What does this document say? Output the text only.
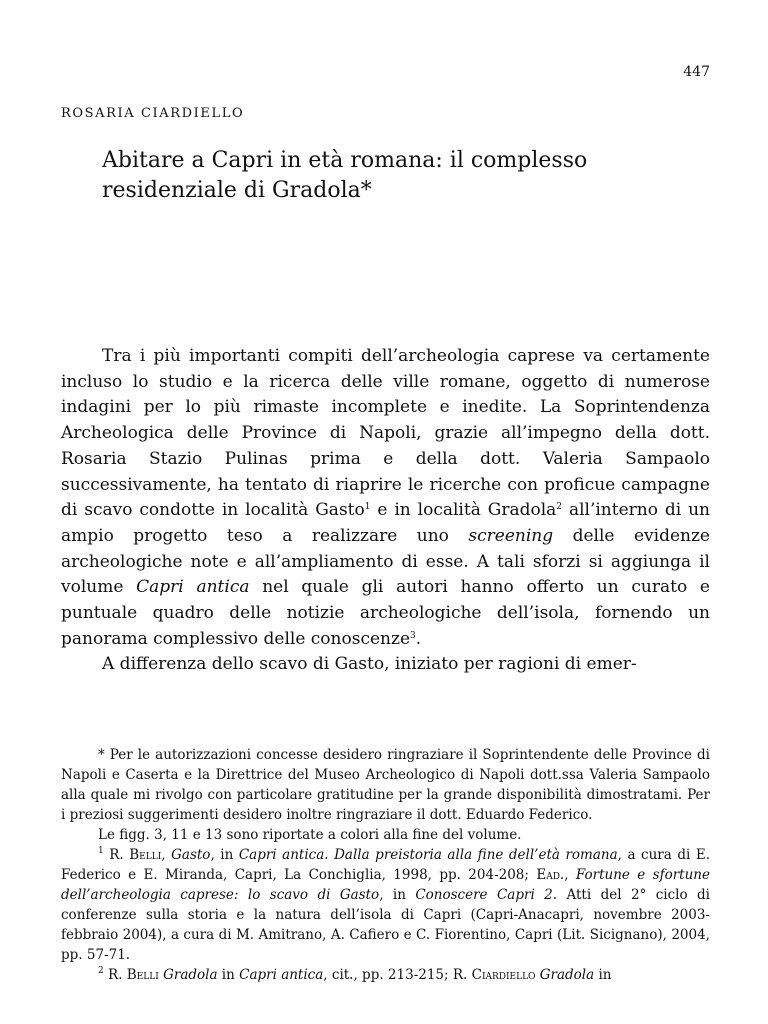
447
ROSARIA CIARDIELLO
Abitare a Capri in età romana: il complesso
residenziale di Gradola*

Tra i più importanti compiti dell’archeologia caprese va certamente incluso lo studio e la ricerca delle ville romane, oggetto di numerose indagini per lo più rimaste incomplete e inedite. La Soprintendenza Archeologica delle Province di Napoli, grazie all’impegno della dott. Rosaria Stazio Pulinas prima e della dott. Valeria Sampaolo successivamente, ha tentato di riaprire le ricerche con proficue campagne di scavo condotte in località Gasto$^1$ e in località Gradola$^2$ all’interno di un ampio progetto teso a realizzare uno screening delle evidenze archeologiche note e all’ampliamento di esse. A tali sforzi si aggiunga il volume Capri antica nel quale gli autori hanno offerto un curato e puntuale quadro delle notizie archeologiche dell’isola, fornendo un panorama complessivo delle conoscenze$^3$.

A differenza dello scavo di Gasto, iniziato per ragioni di emer-

* Per le autorizzazioni concesse desidero ringraziare il Soprintendente delle Province di Napoli e Caserta e la Direttrice del Museo Archeologico di Napoli dott.ssa Valeria Sampaolo alla quale mi rivolgo con particolare gratitudine per la grande disponibilità dimostratami. Per i preziosi suggerimenti desidero inoltre ringraziare il dott. Eduardo Federico.

Le figg. 3, 11 e 13 sono riportate a colori alla fine del volume.

$^1$ R. Belli, Gasto, in Capri antica. Dalla preistoria alla fine dell’età romana, a cura di E. Federico e E. Miranda, Capri, La Conchiglia, 1998, pp. 204-208; Ead., Fortune e sfortune dell’archeologia caprese: lo scavo di Gasto, in Conoscere Capri 2. Atti del 2° ciclo di conferenze sulla storia e la natura dell’isola di Capri (Capri-Anacapri, novembre 2003-febbraio 2004), a cura di M. Amitrano, A. Cafiero e C. Fiorentino, Capri (Lit. Sicignano), 2004, pp. 57-71.

$^2$ R. Belli Gradola in Capri antica, cit., pp. 213-215; R. Ciardiello Gradola in
